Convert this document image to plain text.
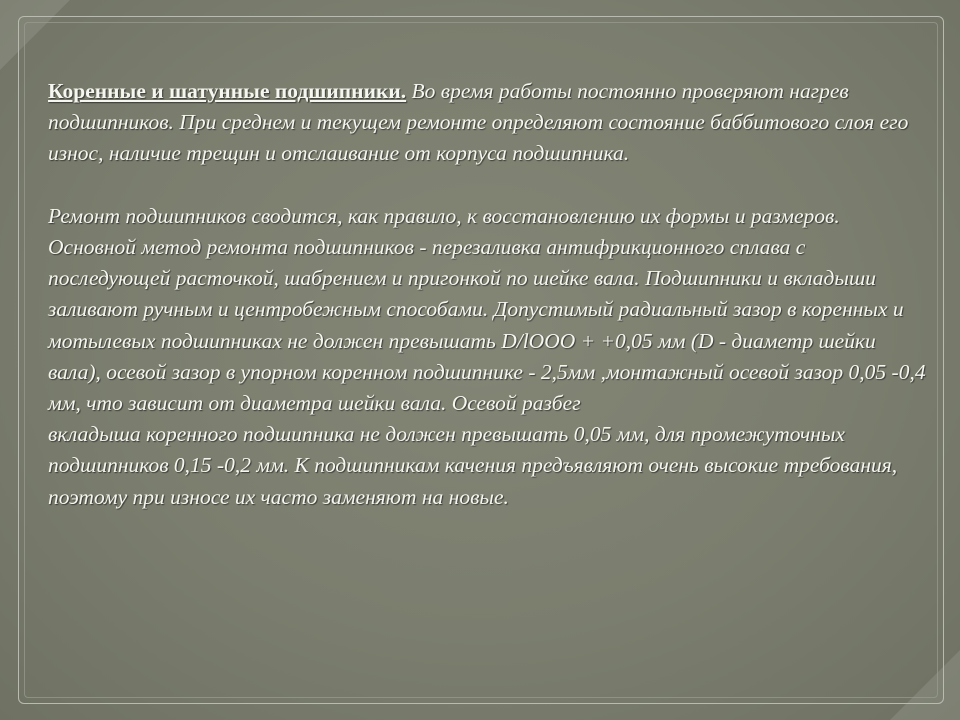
Коренные и шатунные подшипники. Во время работы постоянно проверяют нагрев подшипников. При среднем и текущем ремонте определяют состояние баббитового слоя его износ, наличие трещин и отслаивание от корпуса подшипника.

Ремонт подшипников сводится, как правило, к восстановлению их формы и размеров. Основной метод ремонта подшипников - перезаливка антифрикционного сплава с последующей расточкой, шабрением и пригонкой по шейке вала. Подшипники и вкладыши заливают ручным и центробежным способами. Допустимый радиальный зазор в коренных и мотылевых подшипниках не должен превышать D/lООО + +0,05 мм (D - диаметр шейки вала), осевой зазор в упорном коренном подшипнике - 2,5мм ,монтажный осевой зазор 0,05 -0,4 мм, что зависит от диаметра шейки вала. Осевой разбег

вкладыша коренного подшипника не должен превышать 0,05 мм, для промежуточных подшипников 0,15 -0,2 мм. К подшипникам качения предъявляют очень высокие требования, поэтому при износе их часто заменяют на новые.
